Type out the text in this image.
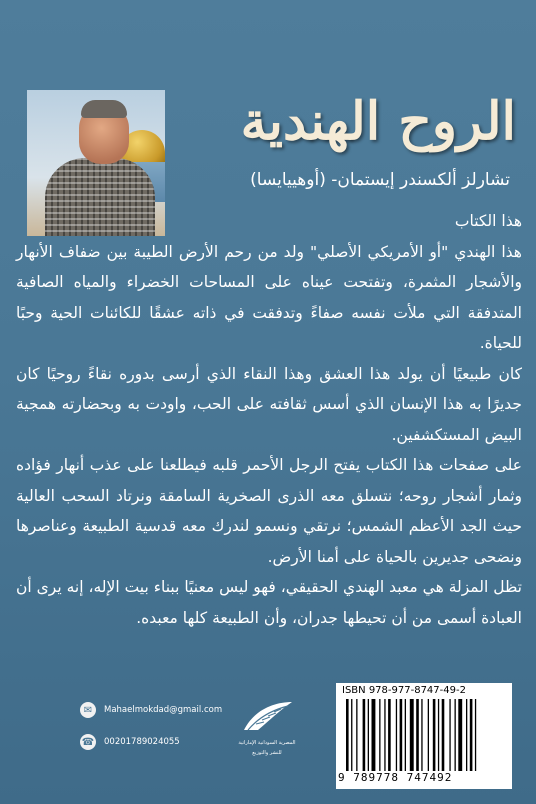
الروح الهندية
تشارلز ألكسندر إيستمان- (أوهييايسا)

هذا الكتاب

هذا الهندي "أو الأمريكي الأصلي" ولد من رحم الأرض الطيبة بين ضفاف الأنهار والأشجار المثمرة، وتفتحت عيناه على المساحات الخضراء والمياه الصافية المتدفقة التي ملأت نفسه صفاءً وتدفقت في ذاته عشقًا للكائنات الحية وحبًا للحياة.

كان طبيعيًا أن يولد هذا العشق وهذا النقاء الذي أرسى بدوره نقاءً روحيًا كان جديرًا به هذا الإنسان الذي أسس ثقافته على الحب، واودت به وبحضارته همجية البيض المستكشفين.

على صفحات هذا الكتاب يفتح الرجل الأحمر قلبه فيطلعنا على عذب أنهار فؤاده وثمار أشجار روحه؛ نتسلق معه الذرى الصخرية السامقة ونرتاد السحب العالية حيث الجد الأعظم الشمس؛ نرتقي ونسمو لندرك معه قدسية الطبيعة وعناصرها ونضحى جديرين بالحياة على أمنا الأرض.

تظل المزلة هي معبد الهندي الحقيقي، فهو ليس معنيًا ببناء بيت الإله، إنه يرى أن العبادة أسمى من أن تحيطها جدران، وأن الطبيعة كلها معبده.

✉	Mahaelmokdad@gmail.com
☎ 00201789024055	المصرية السودانية الإماراتية
للنشر والتوزيع
ISBN 978-977-8747-49-2
9 789778 747492
